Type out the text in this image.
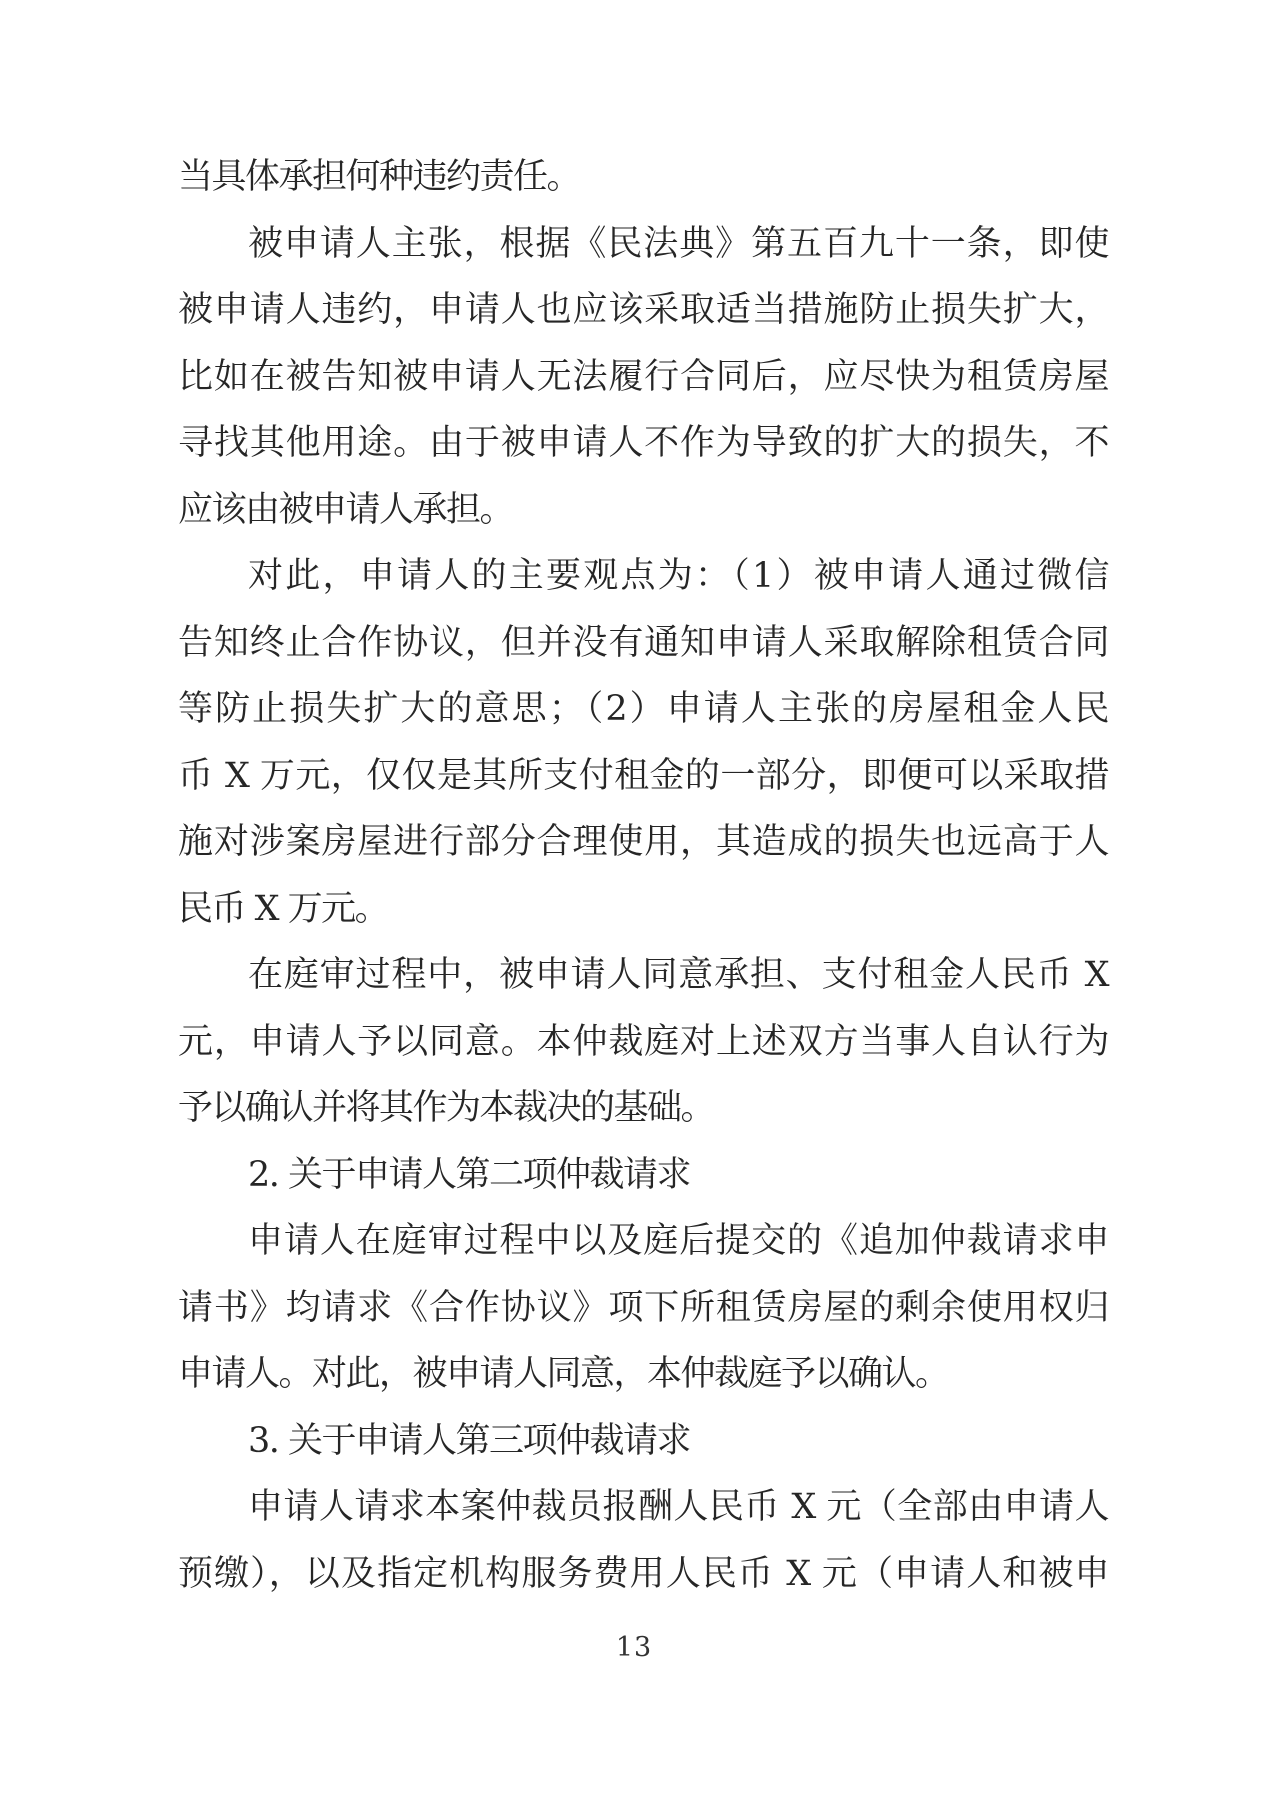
当具体承担何种违约责任。
被申请人主张，根据《民法典》第五百九十一条，即使
被申请人违约，申请人也应该采取适当措施防止损失扩大，
比如在被告知被申请人无法履行合同后，应尽快为租赁房屋
寻找其他用途。由于被申请人不作为导致的扩大的损失，不
应该由被申请人承担。
对此，申请人的主要观点为：（1）被申请人通过微信
告知终止合作协议，但并没有通知申请人采取解除租赁合同
等防止损失扩大的意思；（2）申请人主张的房屋租金人民
币 X 万元，仅仅是其所支付租金的一部分，即便可以采取措
施对涉案房屋进行部分合理使用，其造成的损失也远高于人
民币 X 万元。
在庭审过程中，被申请人同意承担、支付租金人民币 X
元，申请人予以同意。本仲裁庭对上述双方当事人自认行为
予以确认并将其作为本裁决的基础。
2. 关于申请人第二项仲裁请求
申请人在庭审过程中以及庭后提交的《追加仲裁请求申
请书》均请求《合作协议》项下所租赁房屋的剩余使用权归
申请人。对此，被申请人同意，本仲裁庭予以确认。
3. 关于申请人第三项仲裁请求
申请人请求本案仲裁员报酬人民币 X 元（全部由申请人
预缴），以及指定机构服务费用人民币 X 元（申请人和被申
13
